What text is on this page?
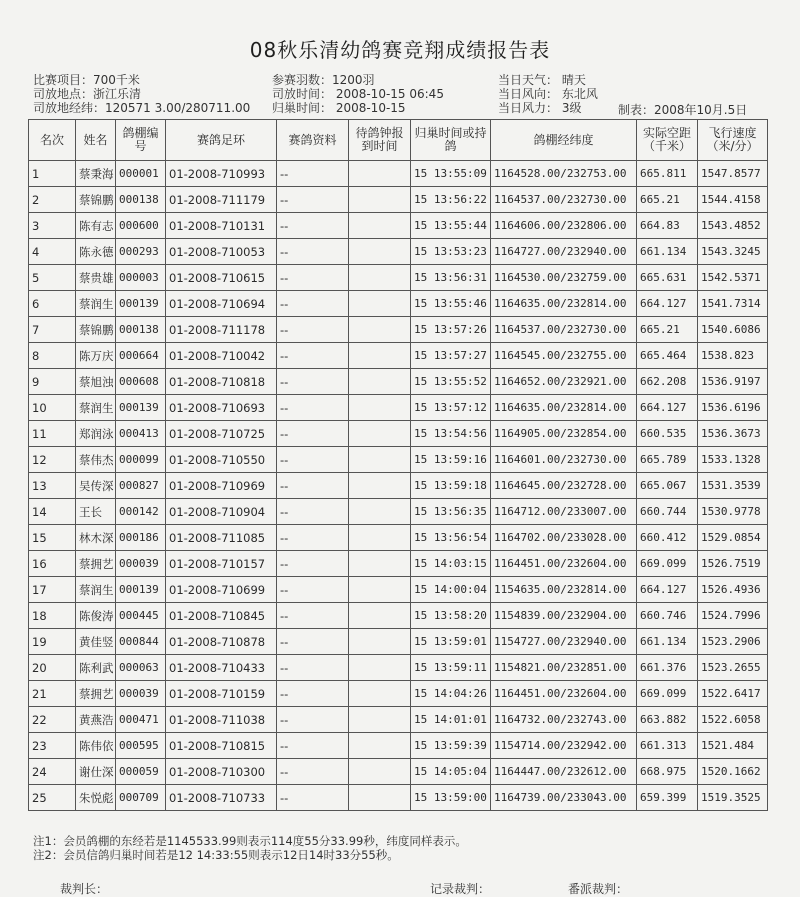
08秋乐清幼鸽赛竞翔成绩报告表
比赛项目：700千米
司放地点：浙江乐清
司放地经纬：120571 3.00/280711.00
参赛羽数：1200羽
司放时间： 2008-10-15 06:45
归巢时间： 2008-10-15
当日天气： 晴天
当日风向： 东北风
当日风力： 3级	制表：2008年10月.5日
名次	姓名	鸽棚编号	赛鸽足环	赛鸽资料	待鸽钟报到时间	归巢时间或持鸽	鸽棚经纬度	实际空距（千米）	飞行速度（米/分）
1	蔡秉海	000001	01-2008-710993	--		15 13:55:09	1164528.00/232753.00	665.811	1547.8577
2	蔡锦鹏	000138	01-2008-711179	--		15 13:56:22	1164537.00/232730.00	665.21	1544.4158
3	陈有志	000600	01-2008-710131	--		15 13:55:44	1164606.00/232806.00	664.83	1543.4852
4	陈永德	000293	01-2008-710053	--		15 13:53:23	1164727.00/232940.00	661.134	1543.3245
5	蔡贵雄	000003	01-2008-710615	--		15 13:56:31	1164530.00/232759.00	665.631	1542.5371
6	蔡润生	000139	01-2008-710694	--		15 13:55:46	1164635.00/232814.00	664.127	1541.7314
7	蔡锦鹏	000138	01-2008-711178	--		15 13:57:26	1164537.00/232730.00	665.21	1540.6086
8	陈万庆	000664	01-2008-710042	--		15 13:57:27	1164545.00/232755.00	665.464	1538.823
9	蔡旭浊	000608	01-2008-710818	--		15 13:55:52	1164652.00/232921.00	662.208	1536.9197
10	蔡润生	000139	01-2008-710693	--		15 13:57:12	1164635.00/232814.00	664.127	1536.6196
11	郑润泳	000413	01-2008-710725	--		15 13:54:56	1164905.00/232854.00	660.535	1536.3673
12	蔡伟杰	000099	01-2008-710550	--		15 13:59:16	1164601.00/232730.00	665.789	1533.1328
13	吴传深	000827	01-2008-710969	--		15 13:59:18	1164645.00/232728.00	665.067	1531.3539
14	王长	000142	01-2008-710904	--		15 13:56:35	1164712.00/233007.00	660.744	1530.9778
15	林木深	000186	01-2008-711085	--		15 13:56:54	1164702.00/233028.00	660.412	1529.0854
16	蔡拥艺	000039	01-2008-710157	--		15 14:03:15	1164451.00/232604.00	669.099	1526.7519
17	蔡润生	000139	01-2008-710699	--		15 14:00:04	1154635.00/232814.00	664.127	1526.4936
18	陈俊涛	000445	01-2008-710845	--		15 13:58:20	1154839.00/232904.00	660.746	1524.7996
19	黄佳竖	000844	01-2008-710878	--		15 13:59:01	1154727.00/232940.00	661.134	1523.2906
20	陈利武	000063	01-2008-710433	--		15 13:59:11	1154821.00/232851.00	661.376	1523.2655
21	蔡拥艺	000039	01-2008-710159	--		15 14:04:26	1164451.00/232604.00	669.099	1522.6417
22	黄燕浩	000471	01-2008-711038	--		15 14:01:01	1164732.00/232743.00	663.882	1522.6058
23	陈伟依	000595	01-2008-710815	--		15 13:59:39	1154714.00/232942.00	661.313	1521.484
24	谢仕深	000059	01-2008-710300	--		15 14:05:04	1164447.00/232612.00	668.975	1520.1662
25	朱悦彪	000709	01-2008-710733	--		15 13:59:00	1164739.00/233043.00	659.399	1519.3525
注1：会员鸽棚的东经若是1145533.99则表示114度55分33.99秒，纬度同样表示。
注2：会员信鸽归巢时间若是12 14:33:55则表示12日14时33分55秒。
裁判长：	记录裁判：	番派裁判：
